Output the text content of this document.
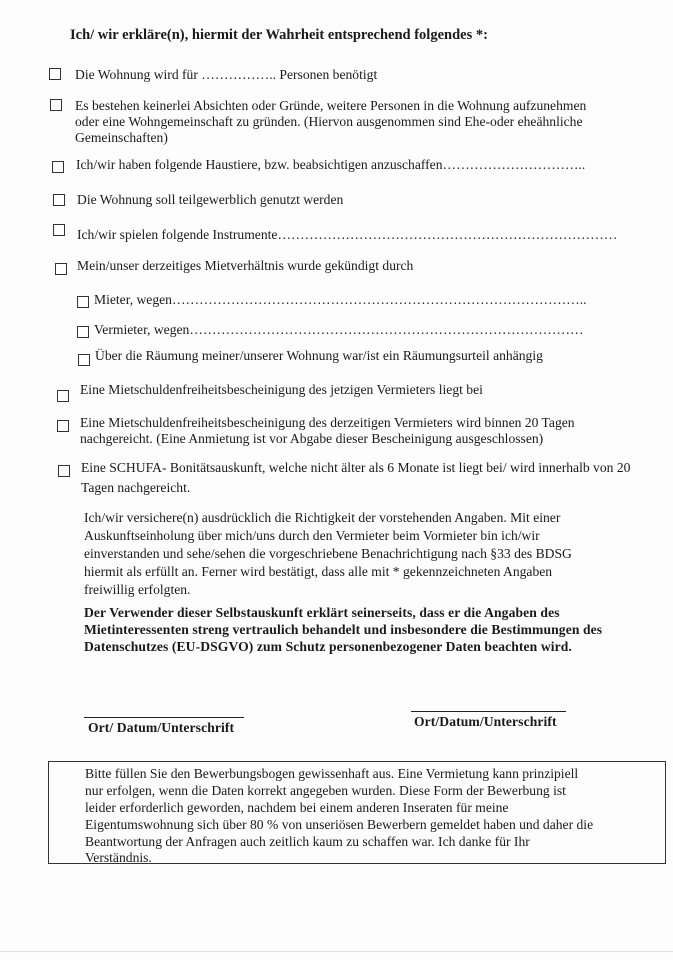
Ich/ wir erkläre(n), hiermit der Wahrheit entsprechend folgendes *:
Die Wohnung wird für …………….. Personen benötigt
Es bestehen keinerlei Absichten oder Gründe, weitere Personen in die Wohnung aufzunehmen
oder eine Wohngemeinschaft zu gründen. (Hiervon ausgenommen sind Ehe-oder eheähnliche
Gemeinschaften)
Ich/wir haben folgende Haustiere, bzw. beabsichtigen anzuschaffen…………………………..
Die Wohnung soll teilgewerblich genutzt werden
Ich/wir spielen folgende Instrumente…………………………………………………………………
Mein/unser derzeitiges Mietverhältnis wurde gekündigt durch
Mieter, wegen………………………………………………………………………………..
Vermieter, wegen……………………………………………………………………………
Über die Räumung meiner/unserer Wohnung war/ist ein Räumungsurteil anhängig
Eine Mietschuldenfreiheitsbescheinigung des jetzigen Vermieters liegt bei
Eine Mietschuldenfreiheitsbescheinigung des derzeitigen Vermieters wird binnen 20 Tagen
nachgereicht. (Eine Anmietung ist vor Abgabe dieser Bescheinigung ausgeschlossen)
Eine SCHUFA- Bonitätsauskunft, welche nicht älter als 6 Monate ist liegt bei/ wird innerhalb von 20
Tagen nachgereicht.
Ich/wir versichere(n) ausdrücklich die Richtigkeit der vorstehenden Angaben. Mit einer
Auskunftseinholung über mich/uns durch den Vermieter beim Vormieter bin ich/wir
einverstanden und sehe/sehen die vorgeschriebene Benachrichtigung nach §33 des BDSG
hiermit als erfüllt an. Ferner wird bestätigt, dass alle mit * gekennzeichneten Angaben
freiwillig erfolgten.
Der Verwender dieser Selbstauskunft erklärt seinerseits, dass er die Angaben des
Mietinteressenten streng vertraulich behandelt und insbesondere die Bestimmungen des
Datenschutzes (EU-DSGVO) zum Schutz personenbezogener Daten beachten wird.
Ort/ Datum/Unterschrift	Ort/Datum/Unterschrift
Bitte füllen Sie den Bewerbungsbogen gewissenhaft aus. Eine Vermietung kann prinzipiell
nur erfolgen, wenn die Daten korrekt angegeben wurden. Diese Form der Bewerbung ist
leider erforderlich geworden, nachdem bei einem anderen Inseraten für meine
Eigentumswohnung sich über 80 % von unseriösen Bewerbern gemeldet haben und daher die
Beantwortung der Anfragen auch zeitlich kaum zu schaffen war. Ich danke für Ihr
Verständnis.
